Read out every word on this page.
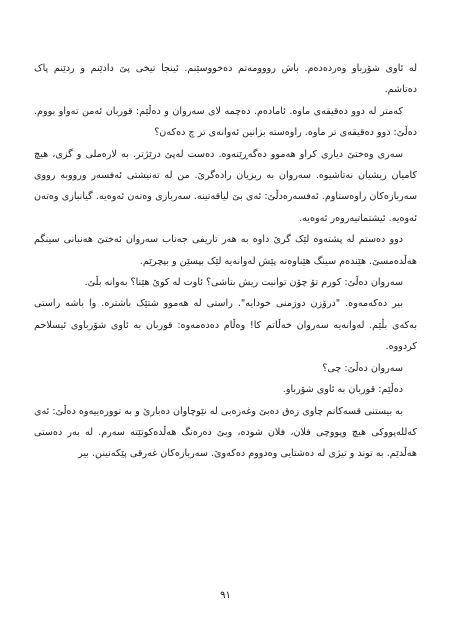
لە ئاوی شۆرباو وەردەدەم. باش رووومەتم دەخووسێنم. ئینجا تیخی پێ دادێنم و ردێنم پاک دەتاشم.

کەمتر لە دوو دەقیقەی ماوە. ئامادەم. دەچمە لای سەروان و دەڵێم: قوربان ئەمن تەواو بووم. دەڵێ: دوو دەقیقەی تر ماوە. راوەستە بزانین ئەوانەی تر چ دەکەن؟

سەری وەختێ دیاری کراو هەموو دەگەڕێنەوە. دەست لەپێ درێژتر. بە لارەملی و گزی، هیچ کامیان ریشیان نەتاشیوە. سەروان بە ریزیان رادەگرێ. من لە تەنیشتی ئەفسەر ورووبە رووی سەربازەکان راوەستاوم. ئەفسەرەدڵێ: ئەی بێ لیاقەتینە. سەربازی وەتەن ئەوەیە. گیانبازی وەتەن ئەوەیە. ئیشتماتیەروەر ئەوەیە.

دوو دەستم لە پشتەوە لێک گرێ داوە بە هەر تاریفی جەناب سەروان ئەختێ هەنبانی سینگم هەڵدەمسێ. هێندەم سینگ هێناوەتە پێش لەوانەیە لێک بپسێن و بپچرێم.

سەروان دەڵێ: کورم تۆ چۆن توانیت ریش بتاشی؟ ئاوت لە کوێ هێنا؟ بەوانە بڵێ.

بیر دەکەمەوە. "درۆزن دوژمنی خودایە". راستی لە هەموو شتێک باشترە. وا باشە راستی بەکەی بڵێم. لەوانەیە سەروان خەڵاتم کا! وەڵام دەدەمەوە: قوربان بە ئاوی شۆرباوی ئیسلاحم کردووە.

سەروان دەڵێ: چی؟

دەڵێم: قوربان بە ئاوی شۆرباو.

بە بیستنی قسەکانم چاوی زەق دەبێ وغەزەبی لە نێوچاوان دەبارێ و بە توورەییەوە دەڵێ: ئەی کەللەپووکی هیچ وپووچی فلان، فلان شودە، وبێ دەرەنگ هەڵدەکوتێتە سەرم. لە بەر دەستی هەڵدێم. بە توند و تیژی لە دەشتایی وەدووم دەکەوێ. سەربازەکان غەرقی پێکەنینن. بیر

٩١
